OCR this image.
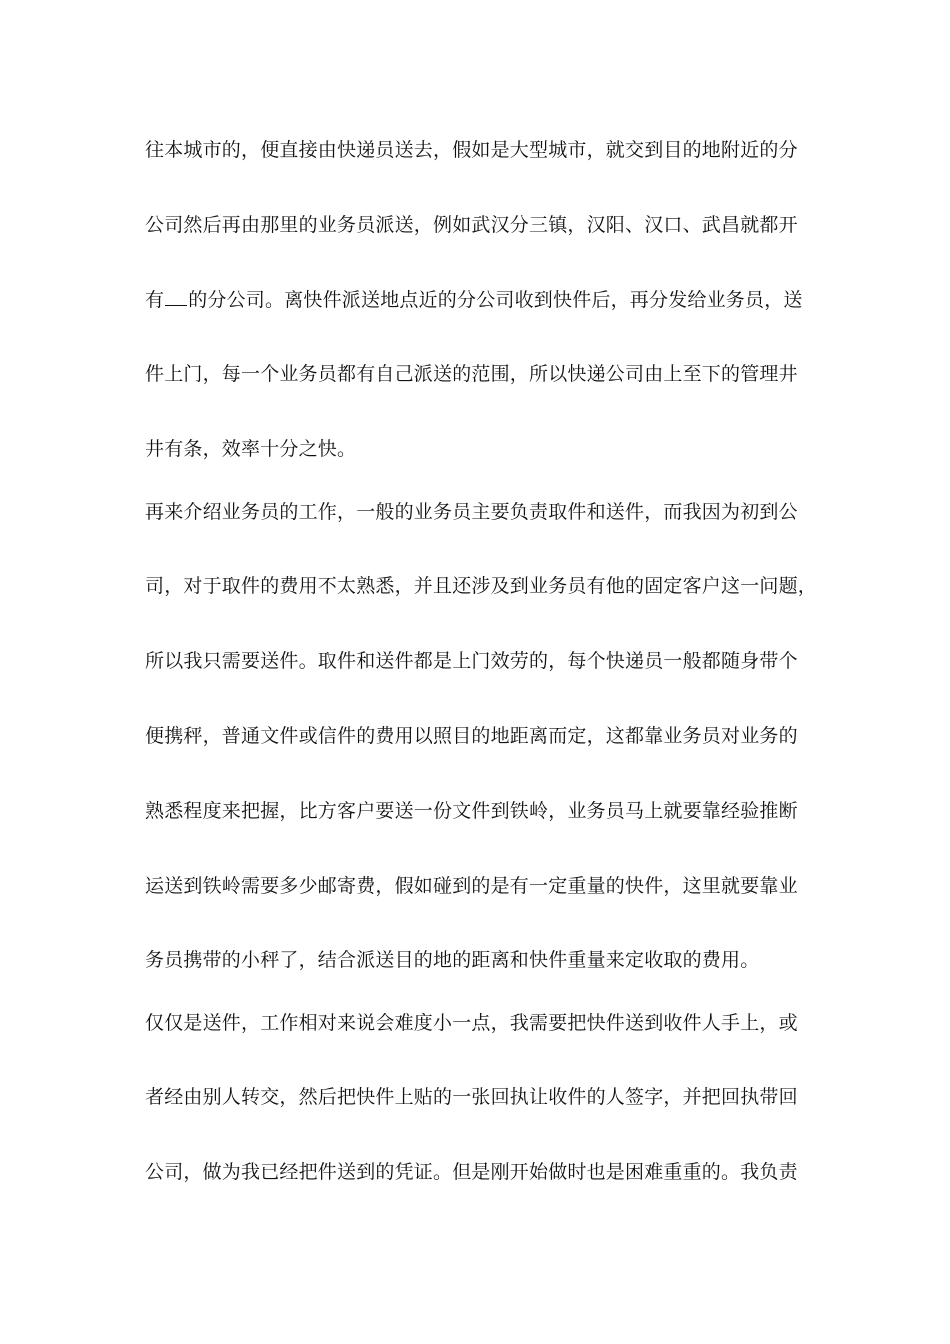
往本城市的，便直接由快递员送去，假如是大型城市，就交到目的地附近的分
公司然后再由那里的业务员派送，例如武汉分三镇，汉阳、汉口、武昌就都开
有 的分公司。离快件派送地点近的分公司收到快件后，再分发给业务员，送
件上门，每一个业务员都有自己派送的范围，所以快递公司由上至下的管理井
井有条，效率十分之快。
再来介绍业务员的工作，一般的业务员主要负责取件和送件，而我因为初到公
司，对于取件的费用不太熟悉，并且还涉及到业务员有他的固定客户这一问题，
所以我只需要送件。取件和送件都是上门效劳的，每个快递员一般都随身带个
便携秤，普通文件或信件的费用以照目的地距离而定，这都靠业务员对业务的
熟悉程度来把握，比方客户要送一份文件到铁岭，业务员马上就要靠经验推断
运送到铁岭需要多少邮寄费，假如碰到的是有一定重量的快件，这里就要靠业
务员携带的小秤了，结合派送目的地的距离和快件重量来定收取的费用。
仅仅是送件，工作相对来说会难度小一点，我需要把快件送到收件人手上，或
者经由别人转交，然后把快件上贴的一张回执让收件的人签字，并把回执带回
公司，做为我已经把件送到的凭证。但是刚开始做时也是困难重重的。我负责
